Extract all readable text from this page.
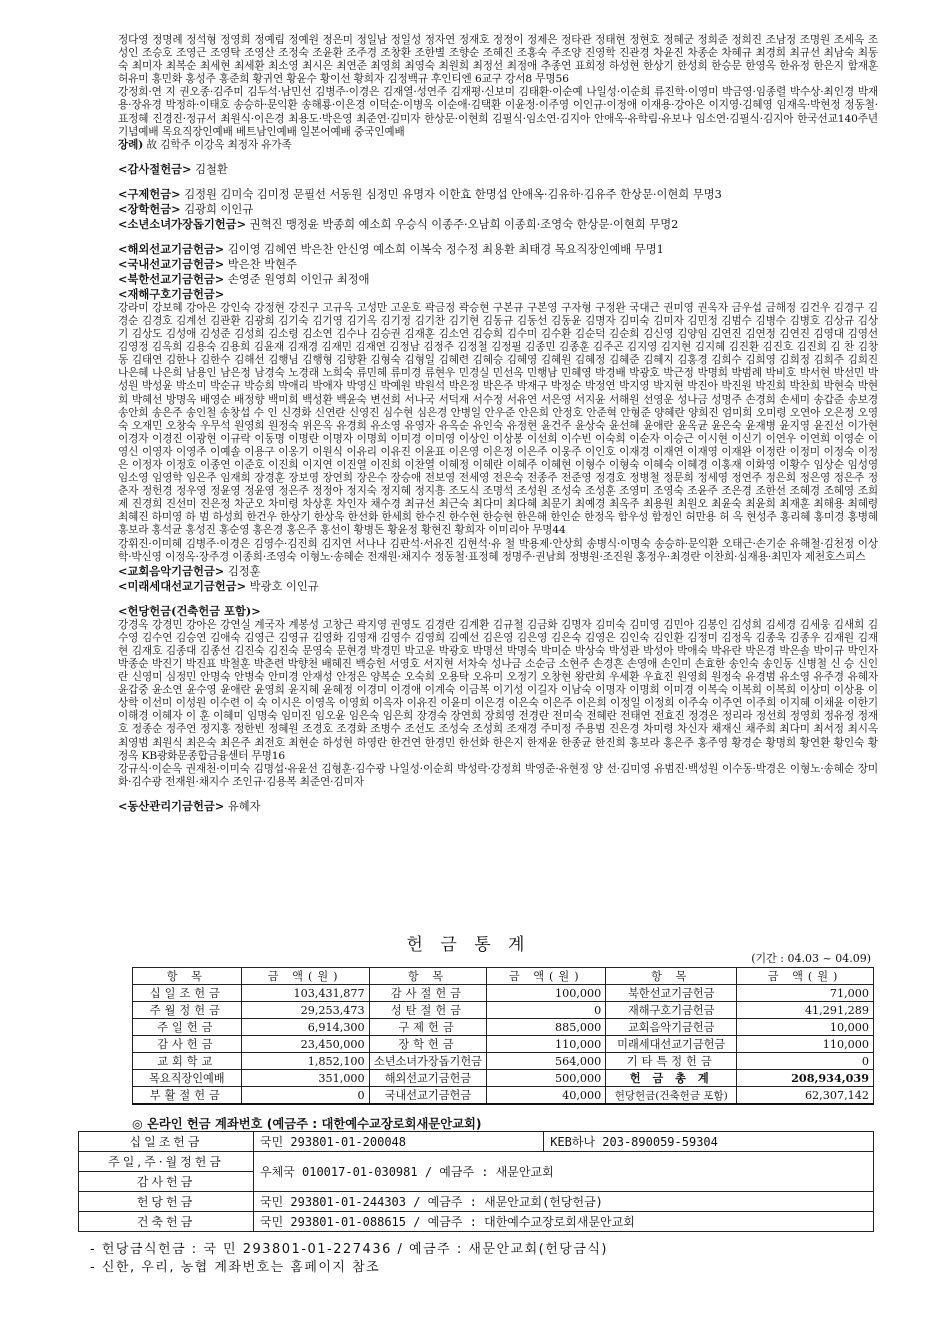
정다영 정명례 정석형 정영희 정예림 정예원 정은미 정일남 정일성 정자연 정재호 정정이 정제은 정타관 정태현 정현호 정혜군 정희준 정희진 조남정 조명원 조세옥 조성인 조승호 조영근 조영탁 조영산 조정숙 조윤환 조주경 조창환 조한별 조향순 조혜진 조홍숙 주조양 진영학 진관경 차윤진 차종순 차혜규 최경희 최규선 최남숙 최동숙 최미자 최복순 최세현 최세환 최소영 최시은 최연준 최영희 최영숙 최원희 최정선 최정애 추종연 표희정 하성현 한상기 한성희 한승문 한영옥 한유정 한은지 함재훈 허유미 홍민화 홍성주 홍준희 황귀연 황윤수 황이선 황희자 김정백규 후인티엔 6교구 강서8 무명56

강정희·연 지 권오종·김주미 김두석·남민선 김병주·이경은 김재열·성연주 김재평·신보미 김태환·이순예 나일성·이순희 류진학·이영미 박금영·임종렬 박수상·최인경 박재용·장유경 박정하·이태호 송승하·문익환 송해룡·이은경 이덕순·이병옥 이순애·김택환 이윤정·이주영 이인규·이정애 이재용·강아은 이지영·김혜영 임재옥·박현정 정동철·표정혜 진경진·정규서 최원식·이은경 최용도·박은영 최준연·김미자 한상문·이현희 김필식·임소연·김지아 안애옥·유학림·유보나 임소연·김필식·김지아 한국선교140주년기념예배 목요직장인예배 베트남인예배 일본어예배 중국인예배

장례) 故 김학주 이강옥 최정자 유가족

<감사절헌금> 김철환

<구제헌금> 김정원 김미숙 김미정 문필선 서동원 심정민 유명자 이한효 한명섭 안애옥·김유하·김유주 한상문·이현희 무명3

<장학헌금> 김광희 이인규

<소년소녀가장돕기헌금> 권혁진 맹정윤 박종희 예소희 우승식 이종주·오남희 이종희·조영숙 한상문·이현희 무명2

<해외선교기금헌금> 김이영 김혜연 박은찬 안신영 예소희 이복숙 정수정 최용환 최태경 목요직장인예배 무명1

<국내선교기금헌금> 박은찬 박현주

<북한선교기금헌금> 손영준 원영희 이인규 최정애

<재해구호기금헌금>

강라미 강보혜 강아은 강인숙 강정현 강진구 고규옥 고성만 고운호 곽금정 곽승현 구본규 구본영 구자형 구정완 국대근 권미영 권옥자 금우섭 금해정 김건우 김경구 김경순 김경호 김계선 김관환 김광희 김기숙 김기영 김기옥 김기정 김기찬 김기현 김동규 김동선 김동윤 김명자 김미숙 김미자 김민정 김범수 김병수 김병호 김상규 김상기 김상도 김성애 김성준 김성희 김소령 김소연 김수나 김승권 김재훈 김소연 김승희 김수미 김수환 김순덕 김순희 김신영 김양임 김연진 김연정 김연진 김영대 김영선 김영정 김옥희 김용숙 김용희 김윤재 김재경 김재민 김재연 김정남 김정주 김정철 김정필 김종민 김종훈 김주곤 김지영 김지현 김지혜 김진환 김진호 김진희 김 찬 김창동 김태연 김한나 김한수 김해선 김행님 김행형 김향환 김형숙 김형일 김혜련 김혜승 김혜영 김혜원 김혜정 김혜준 김혜지 김홍경 김희수 김희영 김희정 김희주 김희진 나은혜 나은희 남용인 남은정 남경숙 노경래 노희숙 류민혜 류미경 류현우 민경실 민선옥 민행남 민혜영 박경배 박광호 박근정 박명희 박범례 박비호 박서현 박선민 박성원 박성윤 박소미 박순규 박승희 박애리 박애자 박영신 박예원 박원석 박은정 박은주 박재구 박정순 박정연 박지영 박지현 박진아 박진원 박진희 박찬희 박현숙 박현희 박혜선 방명옥 배영순 배정향 백미희 백성환 백윤숙 변선희 서나국 서덕재 서수정 서유연 서은영 서지윤 서해원 선영운 성나금 성명주 손경희 손세미 송갑준 송보경 송안희 송은주 송인철 송창섭 수 인 신경화 신연란 신영진 심수현 심은경 안병일 안우준 안은희 안정호 안준혁 안형준 양혜란 양희진 엄미희 오미령 오연아 오은정 오영숙 오재민 오창숙 우무석 원영희 원정숙 위은옥 유경희 유소영 유영자 유옥순 유인숙 유정현 윤건주 윤상숙 윤선혜 윤애란 윤옥균 윤은숙 윤재병 윤지영 윤진선 이가현 이경자 이경진 이광현 이규락 이동명 이명란 이명자 이명희 이미경 이미영 이상인 이상봉 이선희 이수빈 이숙희 이순자 이승근 이시현 이신기 이연우 이연희 이영순 이영신 이영자 이영주 이예솔 이용구 이옹기 이원식 이유리 이유진 이윤표 이은영 이은정 이은주 이웅주 이인호 이재경 이재연 이재영 이재완 이정란 이정미 이정숙 이정은 이정자 이정호 이종연 이준호 이진희 이지연 이진열 이진희 이찬열 이혜정 이혜란 이혜주 이혜현 이형수 이형숙 이혜숙 이혜경 이홍재 이화영 이황수 임상순 임성영 임소영 임영학 임은주 임재희 장경훈 장보영 장연희 장은수 장승애 전보영 전세영 전은숙 전종주 전준영 정경호 정병철 정문희 정세영 정연주 정은희 정은영 정은주 정춘자 정헌경 정우영 정윤영 정윤영 정은주 정정아 정지숙 정지혜 정지흥 조도식 조명석 조성원 조성숙 조성훈 조영미 조영숙 조윤주 조은경 조한선 조혜경 조혜영 조희제 진경희 진선미 진은정 차군오 차미령 차상훈 차인자 채수경 최규선 최근숙 최다미 최다혜 최문기 최예경 최옥주 최용원 최원오 최윤숙 최윤희 최재훈 최해용 최혜령 최혜진 하미영 하 범 하성희 한건우 한상기 한상욱 한선화 한세희 한수진 한수현 한승현 한은해 한인순 한정옥 함우성 함정인 허만용 허 옥 현성주 홍리혜 홍미경 홍병혜 홍보라 홍석균 홍성진 홍순영 홍은경 홍은주 홍선이 황병돈 황윤정 황현진 황희자 이미리아 무명44

강휘진·이미혜 김병주·이경은 김영수·김진희 김지연 서나나 김판석·서유진 김현석·유 철 박용제·안상희 송병식·이명숙 송승하·문익환 오태근·손기순 유해철·김천정 이상학·박신영 이정옥·장주경 이종희·조영숙 이형노·송혜순 전재원·채지수 정동철·표정혜 정명주·권남희 정병원·조진원 홍정우·최경란 이찬희·심재용·최민자 제천호스피스

<교회음악기금헌금> 김정훈

<미래세대선교기금헌금> 박광호 이인규

<헌당헌금(건축헌금 포함)>

강경옥 강경민 강아은 강연실 계국자 계봉성 고창근 곽지영 권영도 김경란 김계환 김규철 김금화 김명자 김미숙 김미영 김민아 김봉인 김성희 김세경 김세웅 김새희 김수영 김수연 김승연 김애숙 김영근 김영규 김영화 김영재 김영수 김영희 김예선 김은영 김은영 김은숙 김영은 김인숙 김인환 김정미 김정옥 김종욱 김종우 김재원 김재현 김재호 김종대 김종선 김진숙 김진숙 문영숙 문현경 박경민 박고운 박광호 박명선 박명숙 박미순 박상숙 박성관 박성아 박애숙 박유란 박은경 박은솔 박이규 박인자 박종순 박진기 박진표 박철훈 박춘련 박향천 배혜진 백승헌 서영호 서지현 서차숙 성나금 소순금 소현주 손경흔 손영애 손인미 손효한 송인숙 송인동 신병철 신 승 신인란 신영미 심정민 안명숙 안병숙 안미경 안재성 안정은 양복순 오숙희 오용탁 오유미 오정기 오창현 왕란희 우세환 우효진 원영희 원정숙 유경범 유소영 유주경 유혜자 윤갑중 윤소연 윤수영 윤애란 윤영희 윤지혜 윤혜정 이경미 이경애 이계숙 이금복 이기성 이길자 이남숙 이명자 이명희 이미경 이복숙 이복희 이복희 이상미 이상용 이상학 이선미 이성원 이수련 이 숙 이시은 이영옥 이영희 이옥자 이유진 이윤미 이은경 이은숙 이은주 이은희 이정일 이정희 이주숙 이주연 이주희 이지혜 이채윤 이한기 이해경 이혜자 이 훈 이혜미 임명숙 임미진 임오윤 임은숙 임은희 장경숙 장연희 장희영 전경란 전미숙 전혜란 전태연 전효진 정경은 정리라 정선희 정영희 정유정 정재호 정종순 정주연 정지홍 정한빈 정혜원 조경호 조경화 조병수 조선도 조성숙 조성희 조재경 주미정 주용범 진은경 차미령 차신자 채재신 채주희 최다미 최서정 최시옥 최영범 최원식 최은숙 최은주 최전호 최현순 하성현 하영란 한건연 한경민 한선화 한은지 한재윤 한종균 한진희 홍보라 홍은주 홍주영 황경순 황명희 황연환 황인숙 황정옥 KB광화문종합금융센터 무명16

강규식·이순옥 권재천·이미숙 김명섭·유윤선 김형훈·김수광 나일성·이순희 박성락·강정희 박영준·유현정 양 선·김미영 유범진·백성원 이수동·박경은 이형노·송혜순 장미화·김수광 전재원·채지수 조인규·김용복 최준연·김미자

<동산관리기금헌금> 유혜자

헌 금 통 계
(기간 : 04.03 ~ 04.09)
항 목	금 액(원)	항 목	금 액(원)	항 목	금 액(원)
십일조헌금	103,431,877	감사절헌금	100,000	북한선교기금헌금	71,000
주월정헌금	29,253,473	성탄절헌금	0	재해구호기금헌금	41,291,289
주일헌금	6,914,300	구제헌금	885,000	교회음악기금헌금	10,000
감사헌금	23,450,000	장학헌금	110,000	미래세대선교기금헌금	110,000
교회학교	1,852,100	소년소녀가장돕기헌금	564,000	기타특정헌금	0
목요직장인예배	351,000	해외선교기금헌금	500,000	헌 금 총 계	208,934,039
부활절헌금	0	국내선교기금헌금	40,000	헌당헌금(건축헌금 포함)	62,307,142
◎ 온라인 헌금 계좌번호 (예금주 : 대한예수교장로회새문안교회)
십일조헌금	국민 293801-01-200048	KEB하나 203-890059-59304
주일,주·월정헌금	우체국 010017-01-030981 / 예금주 : 새문안교회	
감사헌금		
헌당헌금	국민 293801-01-244303 / 예금주 : 새문안교회(헌당헌금)	
건축헌금	국민 293801-01-088615 / 예금주 : 대한예수교장로회새문안교회	
- 헌당금식헌금 : 국 민 293801-01-227436 / 예금주 : 새문안교회(헌당금식)
- 신한, 우리, 농협 계좌번호는 홈페이지 참조
